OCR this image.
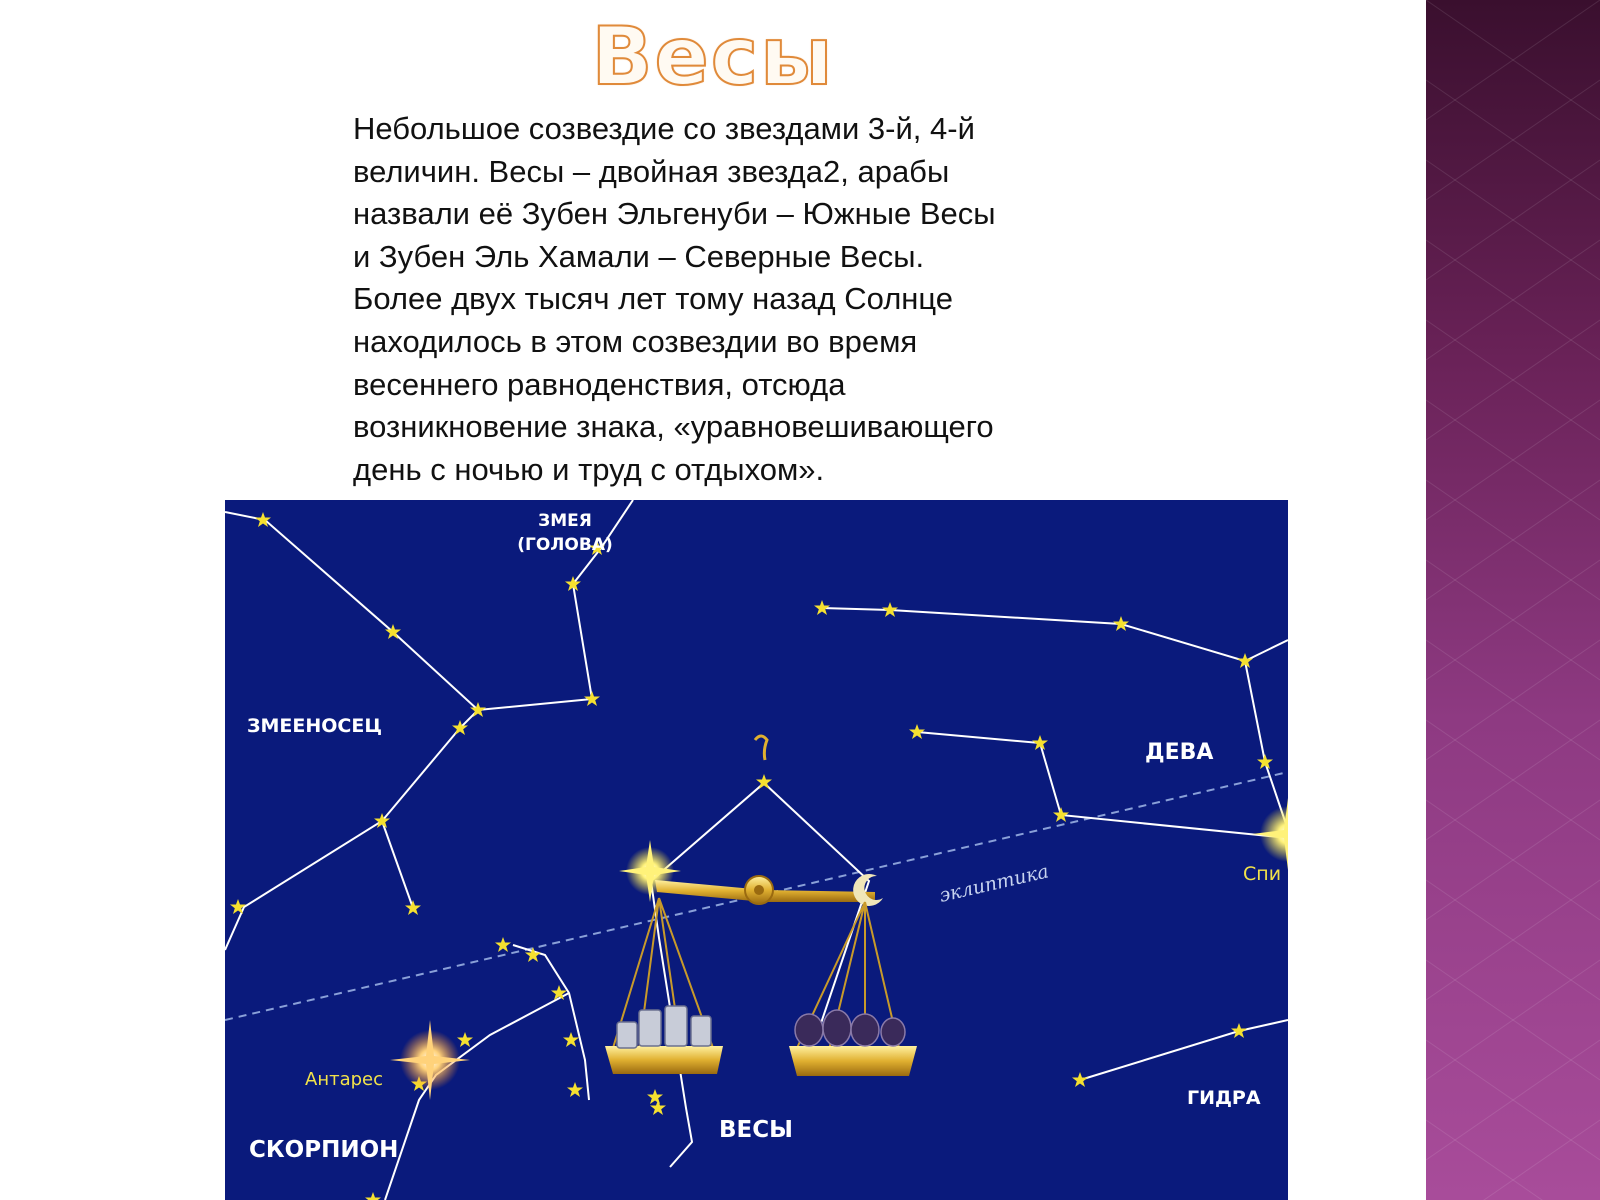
Весы

Небольшое созвездие со звездами 3-й, 4-й
величин. Весы – двойная звезда2, арабы
назвали её Зубен Эльгенуби – Южные Весы
и Зубен Эль Хамали – Северные Весы.
Более двух тысяч лет тому назад Солнце
находилось в этом созвездии во время
весеннего равноденствия, отсюда
возникновение знака, «уравновешивающего
день с ночью и труд с отдыхом».

ЗМЕЯ
(ГОЛОВА)
ЗМЕЕНОСЕЦ
ДЕВА
Спи
эклиптика
Антарес
СКОРПИОН
ВЕСЫ
ГИДРА
